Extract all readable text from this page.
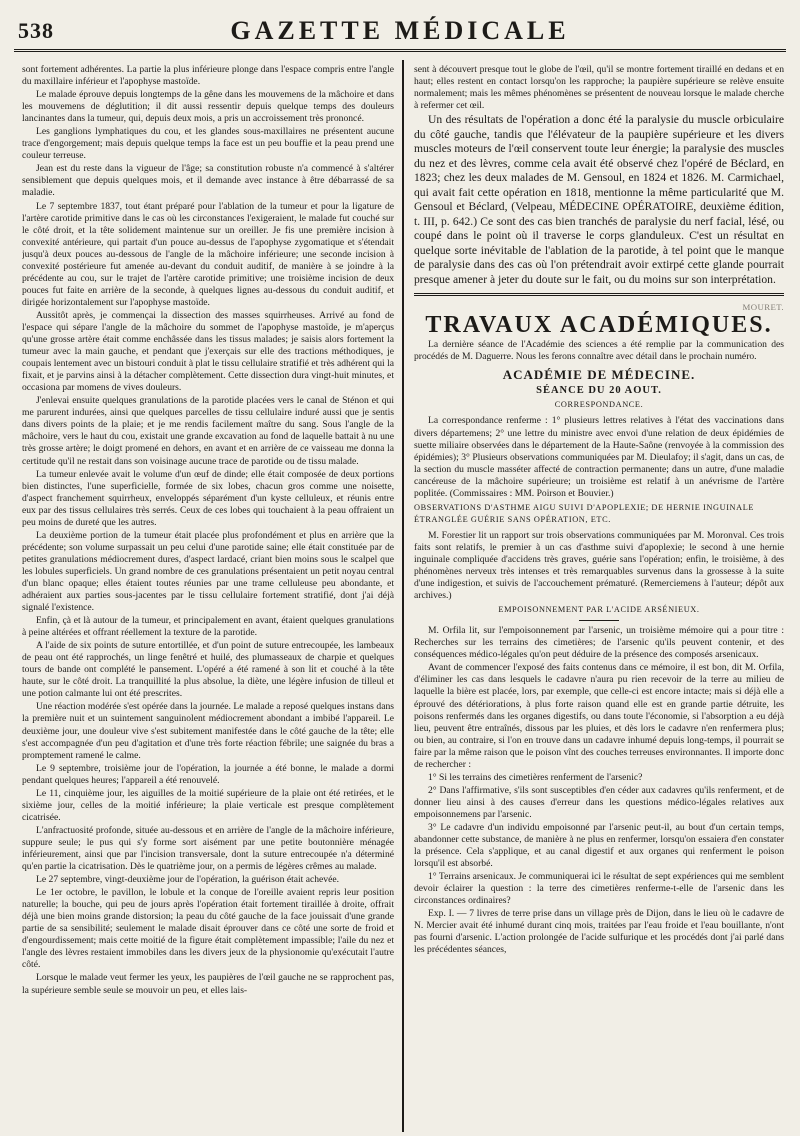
538	GAZETTE MÉDICALE

sont fortement adhérentes. La partie la plus inférieure plonge dans l'espace compris entre l'angle du maxillaire inférieur et l'apophyse mastoïde.

Le malade éprouve depuis longtemps de la gêne dans les mouvemens de la mâchoire et dans les mouvemens de déglutition; il dit aussi ressentir depuis quelque temps des douleurs lancinantes dans la tumeur, qui, depuis deux mois, a pris un accroissement très prononcé.

Les ganglions lymphatiques du cou, et les glandes sous-maxillaires ne présentent aucune trace d'engorgement; mais depuis quelque temps la face est un peu bouffie et la peau prend une couleur terreuse.

Jean est du reste dans la vigueur de l'âge; sa constitution robuste n'a commencé à s'altérer sensiblement que depuis quelques mois, et il demande avec instance à être débarrassé de sa maladie.

Le 7 septembre 1837, tout étant préparé pour l'ablation de la tumeur et pour la ligature de l'artère carotide primitive dans le cas où les circonstances l'exigeraient, le malade fut couché sur le côté droit, et la tête solidement maintenue sur un oreiller. Je fis une première incision à convexité antérieure, qui partait d'un pouce au-dessus de l'apophyse zygomatique et s'étendait jusqu'à deux pouces au-dessous de l'angle de la mâchoire inférieure; une seconde incision à convexité postérieure fut amenée au-devant du conduit auditif, de manière à se joindre à la précédente au cou, sur le trajet de l'artère carotide primitive; une troisième incision de deux pouces fut faite en arrière de la seconde, à quelques lignes au-dessous du conduit auditif, et dirigée horizontalement sur l'apophyse mastoïde.

Aussitôt après, je commençai la dissection des masses squirrheuses. Arrivé au fond de l'espace qui sépare l'angle de la mâchoire du sommet de l'apophyse mastoïde, je m'aperçus qu'une grosse artère était comme enchâssée dans les tissus malades; je saisis alors fortement la tumeur avec la main gauche, et pendant que j'exerçais sur elle des tractions méthodiques, je coupais lentement avec un bistouri conduit à plat le tissu cellulaire stratifié et très adhérent qui la fixait, et je parvins ainsi à la détacher complètement. Cette dissection dura vingt-huit minutes, et occasiona par momens de vives douleurs.

J'enlevai ensuite quelques granulations de la parotide placées vers le canal de Sténon et qui me parurent indurées, ainsi que quelques parcelles de tissu cellulaire induré aussi que je sentis dans divers points de la plaie; et je me rendis facilement maître du sang. Sous l'angle de la mâchoire, vers le haut du cou, existait une grande excavation au fond de laquelle battait à nu une très grosse artère; le doigt promené en dehors, en avant et en arrière de ce vaisseau me donna la certitude qu'il ne restait dans son voisinage aucune trace de parotide ou de tissu malade.

La tumeur enlevée avait le volume d'un œuf de dinde; elle était composée de deux portions bien distinctes, l'une superficielle, formée de six lobes, chacun gros comme une noisette, d'aspect franchement squirrheux, enveloppés séparément d'un kyste celluleux, et réunis entre eux par des tissus cellulaires très serrés. Ceux de ces lobes qui touchaient à la peau offraient un peu moins de dureté que les autres.

La deuxième portion de la tumeur était placée plus profondément et plus en arrière que la précédente; son volume surpassait un peu celui d'une parotide saine; elle était constituée par de petites granulations médiocrement dures, d'aspect lardacé, criant bien moins sous le scalpel que les lobules superficiels. Un grand nombre de ces granulations présentaient un petit noyau central d'un blanc opaque; elles étaient toutes réunies par une trame celluleuse peu abondante, et adhéraient aux parties sous-jacentes par le tissu cellulaire fortement stratifié, dont j'ai déjà signalé l'existence.

Enfin, çà et là autour de la tumeur, et principalement en avant, étaient quelques granulations à peine altérées et offrant réellement la texture de la parotide.

A l'aide de six points de suture entortillée, et d'un point de suture entrecoupée, les lambeaux de peau ont été rapprochés, un linge fenêtré et huilé, des plumasseaux de charpie et quelques tours de bande ont complété le pansement. L'opéré a été ramené à son lit et couché à la tête haute, sur le côté droit. La tranquillité la plus absolue, la diète, une légère infusion de tilleul et une potion calmante lui ont été prescrites.

Une réaction modérée s'est opérée dans la journée. Le malade a reposé quelques instans dans la première nuit et un suintement sanguinolent médiocrement abondant a imbibé l'appareil. Le deuxième jour, une douleur vive s'est subitement manifestée dans le côté gauche de la tête; elle s'est accompagnée d'un peu d'agitation et d'une très forte réaction fébrile; une saignée du bras a promptement ramené le calme.

Le 9 septembre, troisième jour de l'opération, la journée a été bonne, le malade a dormi pendant quelques heures; l'appareil a été renouvelé.

Le 11, cinquième jour, les aiguilles de la moitié supérieure de la plaie ont été retirées, et le sixième jour, celles de la moitié inférieure; la plaie verticale est presque complètement cicatrisée.

L'anfractuosité profonde, située au-dessous et en arrière de l'angle de la mâchoire inférieure, suppure seule; le pus qui s'y forme sort aisément par une petite boutonnière ménagée inférieurement, ainsi que par l'incision transversale, dont la suture entrecoupée n'a déterminé qu'en partie la cicatrisation. Dès le quatrième jour, on a permis de légères crêmes au malade.

Le 27 septembre, vingt-deuxième jour de l'opération, la guérison était achevée.

Le 1er octobre, le pavillon, le lobule et la conque de l'oreille avaient repris leur position naturelle; la bouche, qui peu de jours après l'opération était fortement tiraillée à droite, offrait déjà une bien moins grande distorsion; la peau du côté gauche de la face jouissait d'une grande partie de sa sensibilité; seulement le malade disait éprouver dans ce côté une sorte de froid et d'engourdissement; mais cette moitié de la figure était complètement impassible; l'aile du nez et l'angle des lèvres restaient immobiles dans les divers jeux de la physionomie qu'exécutait l'autre côté.

Lorsque le malade veut fermer les yeux, les paupières de l'œil gauche ne se rapprochent pas, la supérieure semble seule se mouvoir un peu, et elles lais-

sent à découvert presque tout le globe de l'œil, qu'il se montre fortement tiraillé en dedans et en haut; elles restent en contact lorsqu'on les rapproche; la paupière supérieure se relève ensuite normalement; mais les mêmes phénomènes se présentent de nouveau lorsque le malade cherche à refermer cet œil.

Un des résultats de l'opération a donc été la paralysie du muscle orbiculaire du côté gauche, tandis que l'élévateur de la paupière supérieure et les divers muscles moteurs de l'œil conservent toute leur énergie; la paralysie des muscles du nez et des lèvres, comme cela avait été observé chez l'opéré de Béclard, en 1823; chez les deux malades de M. Gensoul, en 1824 et 1826. M. Carmichael, qui avait fait cette opération en 1818, mentionne la même particularité que M. Gensoul et Béclard, (Velpeau, MÉDECINE OPÉRATOIRE, deuxième édition, t. III, p. 642.) Ce sont des cas bien tranchés de paralysie du nerf facial, lésé, ou coupé dans le point où il traverse le corps glanduleux. C'est un résultat en quelque sorte inévitable de l'ablation de la parotide, à tel point que le manque de paralysie dans des cas où l'on prétendrait avoir extirpé cette glande pourrait presque amener à jeter du doute sur le fait, ou du moins sur son interprétation.

MOURET.
TRAVAUX ACADÉMIQUES.

La dernière séance de l'Académie des sciences a été remplie par la communication des procédés de M. Daguerre. Nous les ferons connaître avec détail dans le prochain numéro.

ACADÉMIE DE MÉDECINE.
SÉANCE DU 20 AOUT.
CORRESPONDANCE.

La correspondance renferme : 1° plusieurs lettres relatives à l'état des vaccinations dans divers départemens; 2° une lettre du ministre avec envoi d'une relation de deux épidémies de suette miliaire observées dans le département de la Haute-Saône (renvoyée à la commission des épidémies); 3° Plusieurs observations communiquées par M. Dieulafoy; il s'agit, dans un cas, de la section du muscle masséter affecté de contraction permanente; dans un autre, d'une maladie cancéreuse de la mâchoire supérieure; un troisième est relatif à un anévrisme de l'artère poplitée. (Commissaires : MM. Poirson et Bouvier.)

OBSERVATIONS D'ASTHME AIGU SUIVI D'APOPLEXIE; DE HERNIE INGUINALE ÉTRANGLÉE GUÉRIE SANS OPÉRATION, ETC.

M. Forestier lit un rapport sur trois observations communiquées par M. Moronval. Ces trois faits sont relatifs, le premier à un cas d'asthme suivi d'apoplexie; le second à une hernie inguinale compliquée d'accidens très graves, guérie sans l'opération; enfin, le troisième, à des phénomènes nerveux très intenses et très remarquables survenus dans la grossesse à la suite d'une indigestion, et suivis de l'accouchement prématuré. (Remerciemens à l'auteur; dépôt aux archives.)

EMPOISONNEMENT PAR L'ACIDE ARSÉNIEUX.

M. Orfila lit, sur l'empoisonnement par l'arsenic, un troisième mémoire qui a pour titre : Recherches sur les terrains des cimetières; de l'arsenic qu'ils peuvent contenir, et des conséquences médico-légales qu'on peut déduire de la présence des composés arsenicaux.

Avant de commencer l'exposé des faits contenus dans ce mémoire, il est bon, dit M. Orfila, d'éliminer les cas dans lesquels le cadavre n'aura pu rien recevoir de la terre au milieu de laquelle la bière est placée, lors, par exemple, que celle-ci est encore intacte; mais si déjà elle a éprouvé des détériorations, à plus forte raison quand elle est en grande partie détruite, les poisons renfermés dans les organes digestifs, ou dans toute l'économie, si l'absorption a eu déjà lieu, peuvent être entraînés, dissous par les pluies, et dès lors le cadavre n'en renfermera plus; ou bien, au contraire, si l'on en trouve dans un cadavre inhumé depuis long-temps, il pourrait se faire par la même raison que le poison vînt des couches terreuses environnantes. Il importe donc de rechercher :

1° Si les terrains des cimetières renferment de l'arsenic?

2° Dans l'affirmative, s'ils sont susceptibles d'en céder aux cadavres qu'ils renferment, et de donner lieu ainsi à des causes d'erreur dans les questions médico-légales relatives aux empoisonnemens par l'arsenic.

3° Le cadavre d'un individu empoisonné par l'arsenic peut-il, au bout d'un certain temps, abandonner cette substance, de manière à ne plus en renfermer, lorsqu'on essaiera d'en constater la présence. Cela s'applique, et au canal digestif et aux organes qui renferment le poison lorsqu'il est absorbé.

1° Terrains arsenicaux. Je communiquerai ici le résultat de sept expériences qui me semblent devoir éclairer la question : la terre des cimetières renferme-t-elle de l'arsenic dans les circonstances ordinaires?

Exp. I. — 7 livres de terre prise dans un village près de Dijon, dans le lieu où le cadavre de N. Mercier avait été inhumé durant cinq mois, traitées par l'eau froide et l'eau bouillante, n'ont pas fourni d'arsenic. L'action prolongée de l'acide sulfurique et les procédés dont j'ai parlé dans les précédentes séances,
